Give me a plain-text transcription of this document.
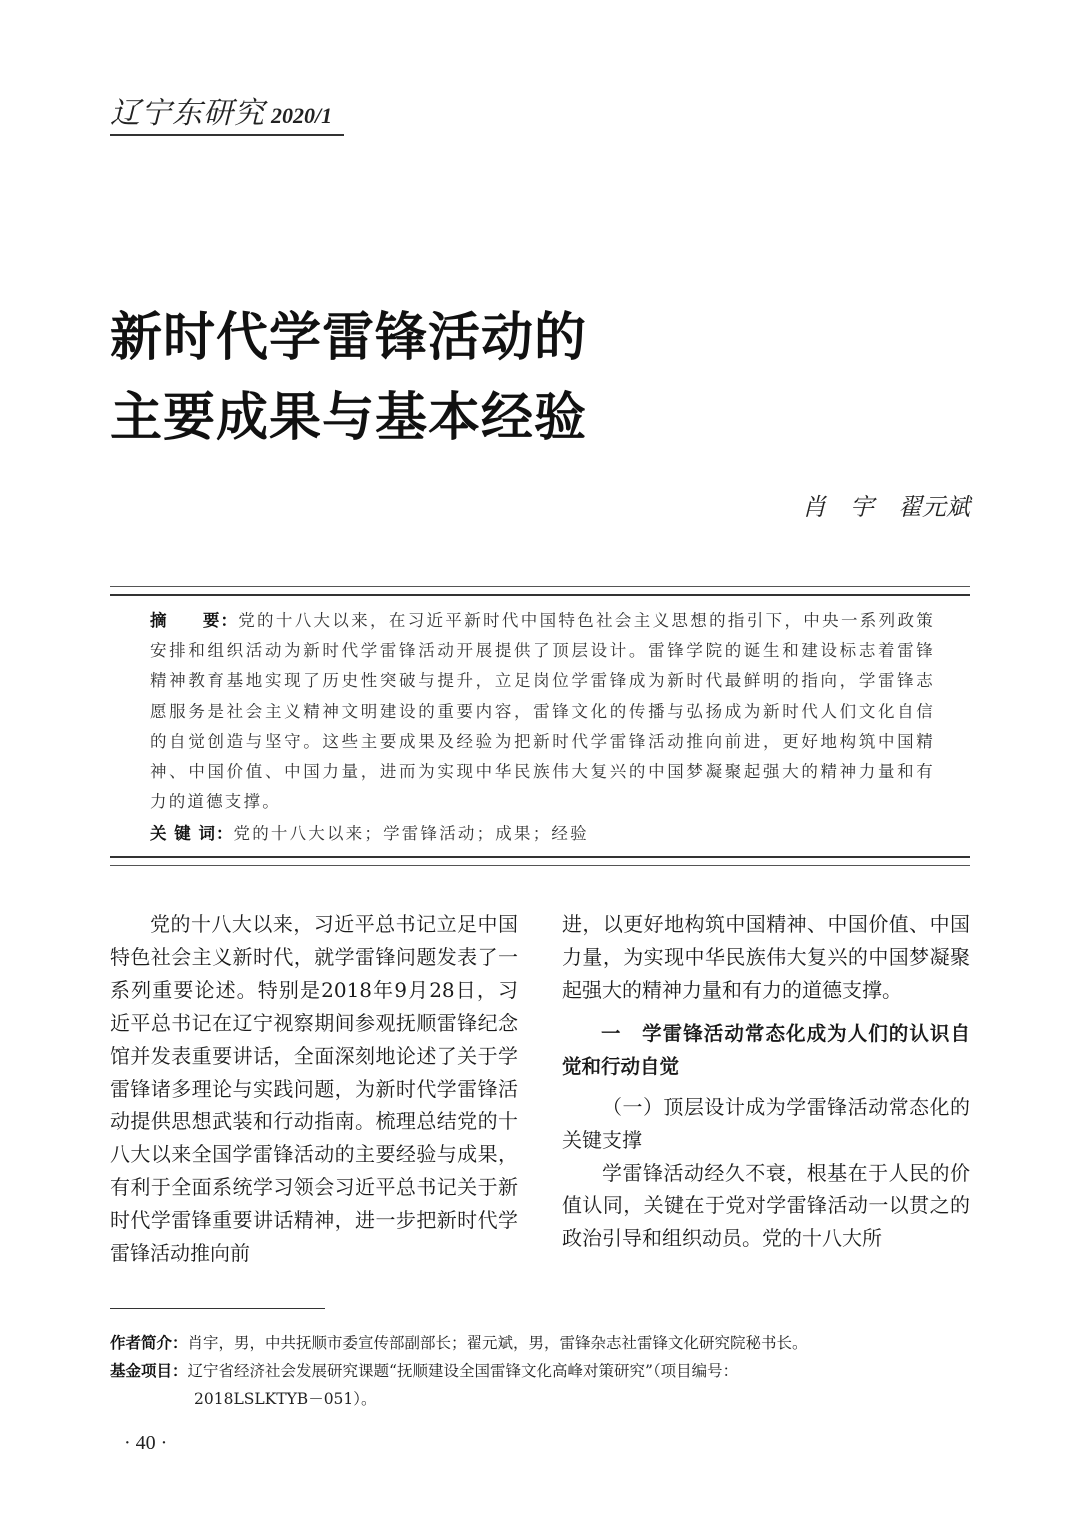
辽宁东研究 2020/1
新时代学雷锋活动的
主要成果与基本经验
肖　宇　翟元斌
摘　　要：党的十八大以来，在习近平新时代中国特色社会主义思想的指引下，中央一系列政策安排和组织活动为新时代学雷锋活动开展提供了顶层设计。雷锋学院的诞生和建设标志着雷锋精神教育基地实现了历史性突破与提升，立足岗位学雷锋成为新时代最鲜明的指向，学雷锋志愿服务是社会主义精神文明建设的重要内容，雷锋文化的传播与弘扬成为新时代人们文化自信的自觉创造与坚守。这些主要成果及经验为把新时代学雷锋活动推向前进，更好地构筑中国精神、中国价值、中国力量，进而为实现中华民族伟大复兴的中国梦凝聚起强大的精神力量和有力的道德支撑。
关 键 词：党的十八大以来；学雷锋活动；成果；经验
党的十八大以来，习近平总书记立足中国特色社会主义新时代，就学雷锋问题发表了一系列重要论述。特别是2018年9月28日，习近平总书记在辽宁视察期间参观抚顺雷锋纪念馆并发表重要讲话，全面深刻地论述了关于学雷锋诸多理论与实践问题，为新时代学雷锋活动提供思想武装和行动指南。梳理总结党的十八大以来全国学雷锋活动的主要经验与成果，有利于全面系统学习领会习近平总书记关于新时代学雷锋重要讲话精神，进一步把新时代学雷锋活动推向前
进，以更好地构筑中国精神、中国价值、中国力量，为实现中华民族伟大复兴的中国梦凝聚起强大的精神力量和有力的道德支撑。
一　学雷锋活动常态化成为人们的认识自觉和行动自觉
（一）顶层设计成为学雷锋活动常态化的关键支撑
学雷锋活动经久不衰，根基在于人民的价值认同，关键在于党对学雷锋活动一以贯之的政治引导和组织动员。党的十八大所
作者简介：肖宇，男，中共抚顺市委宣传部副部长；翟元斌，男，雷锋杂志社雷锋文化研究院秘书长。
基金项目：辽宁省经济社会发展研究课题“抚顺建设全国雷锋文化高峰对策研究”（项目编号：
2018LSLKTYB－051）。
· 40 ·
